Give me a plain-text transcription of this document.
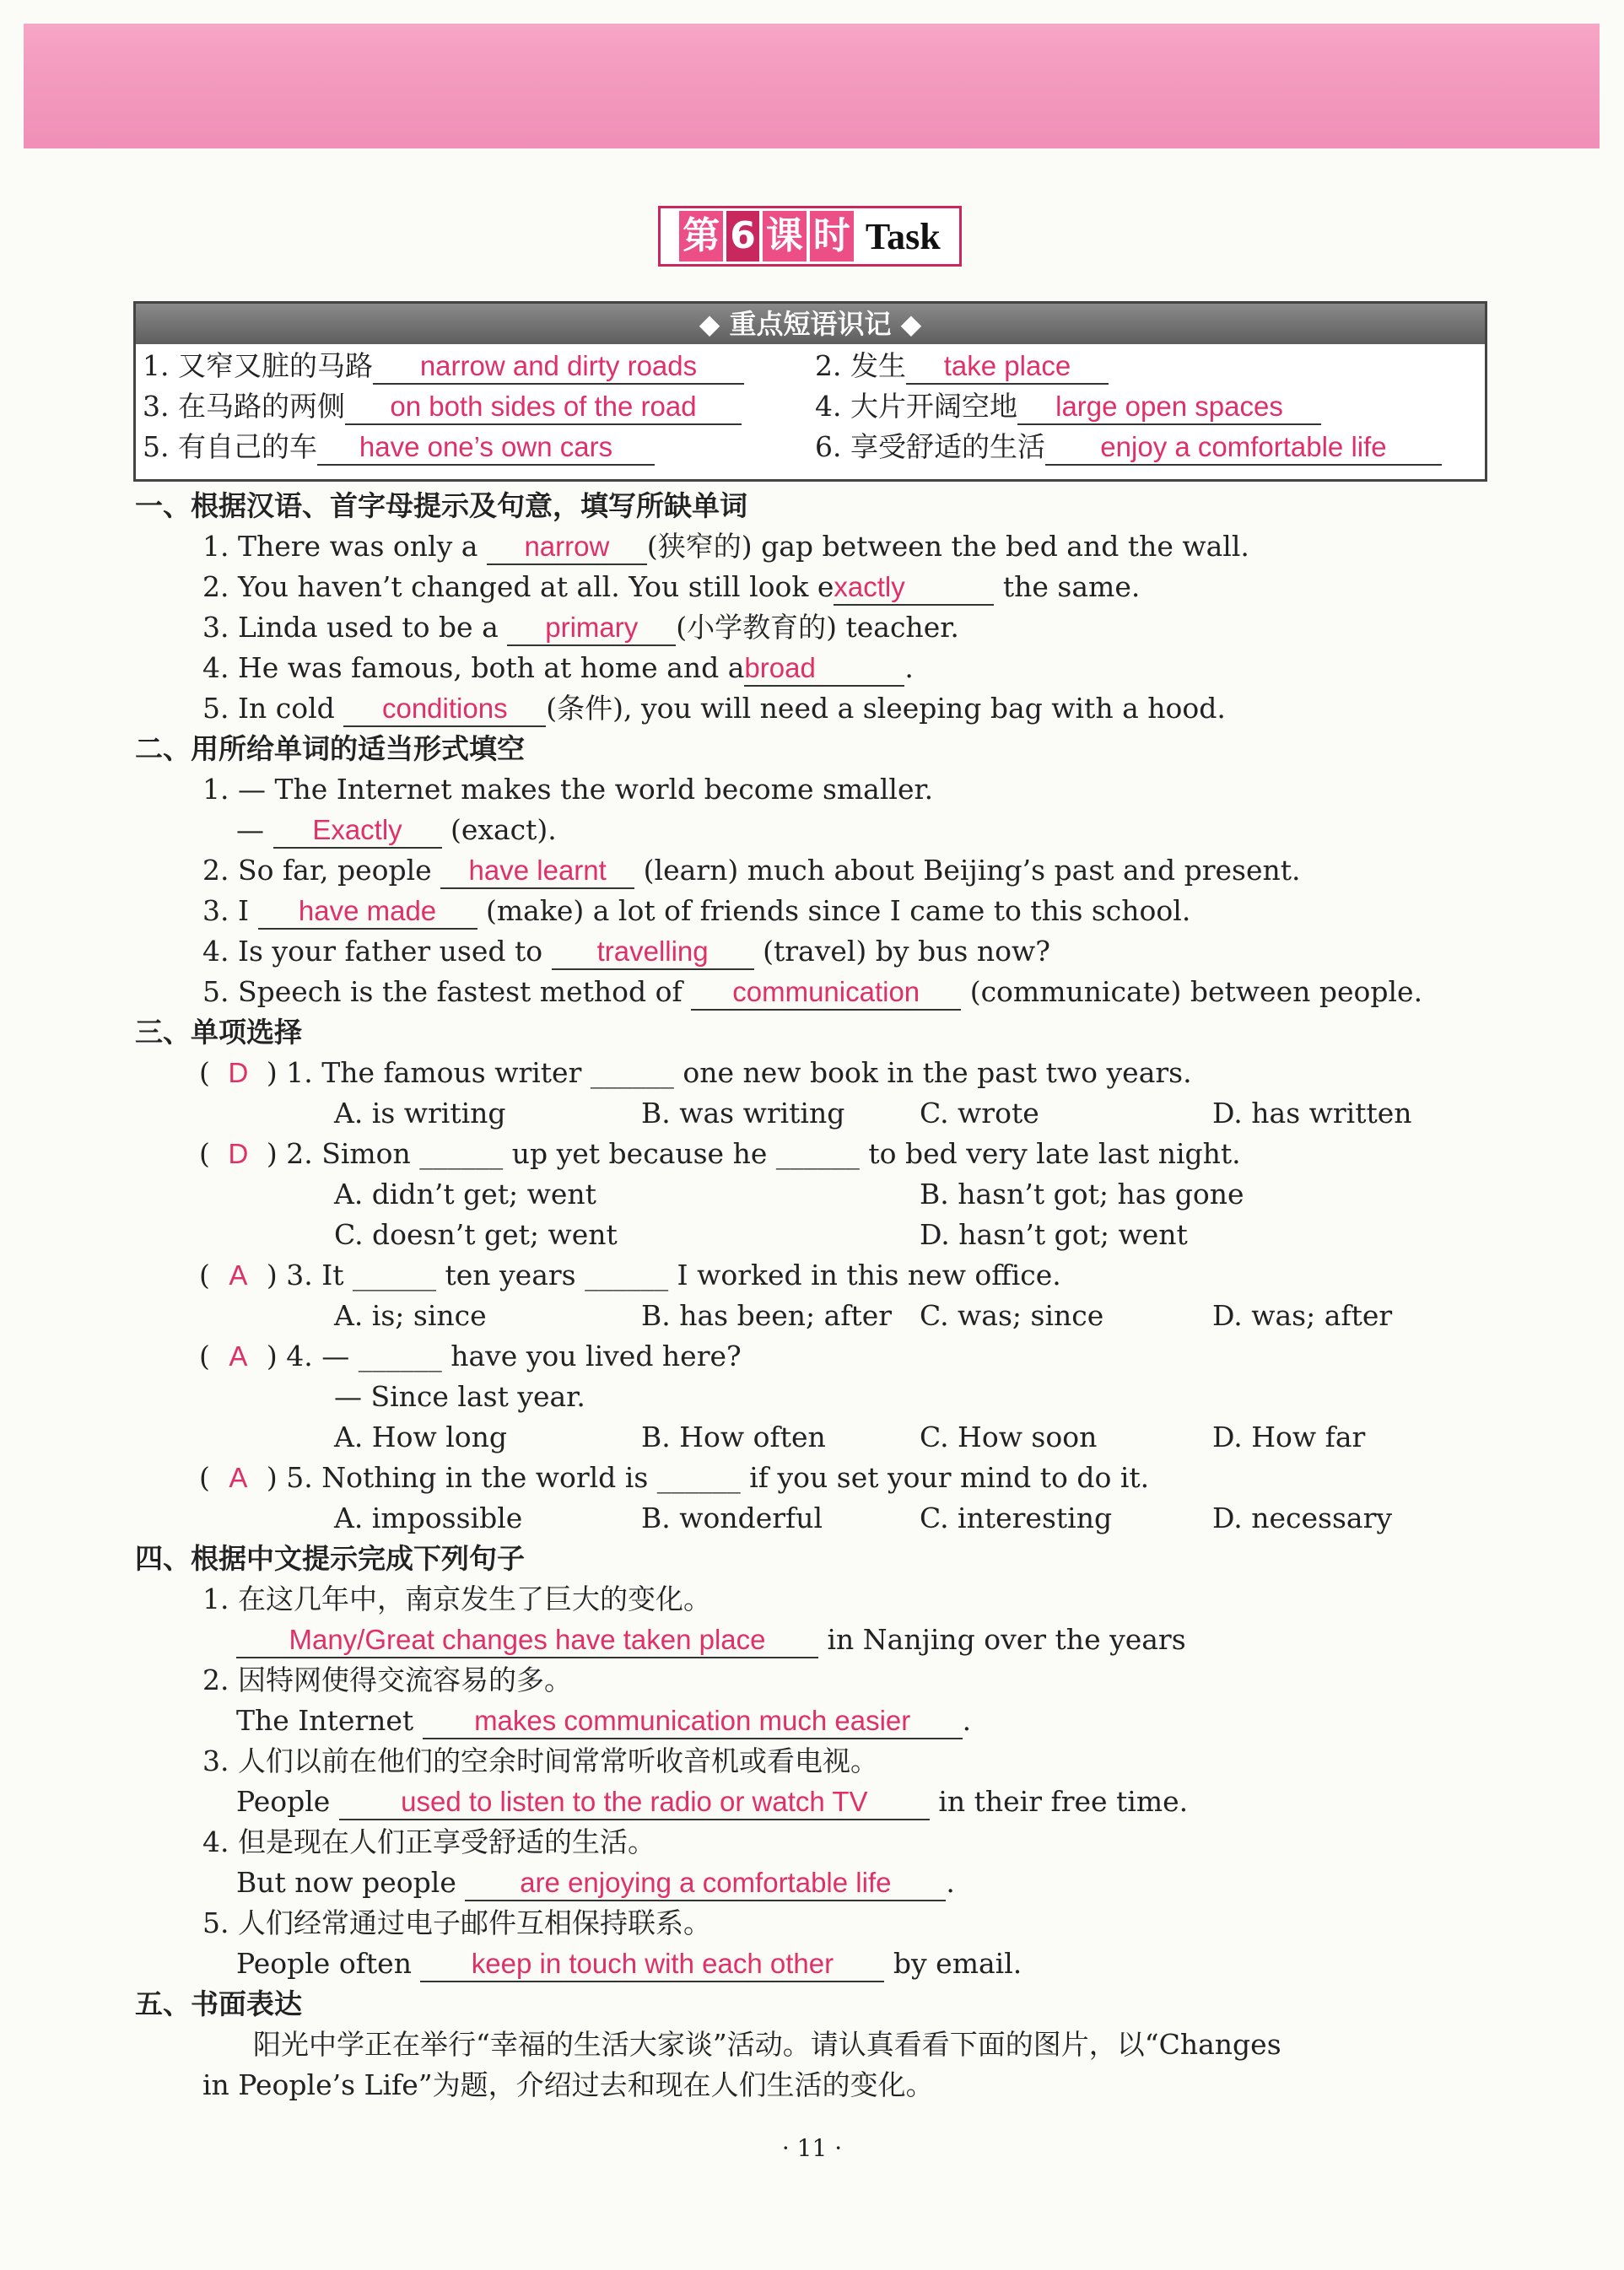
第 6 课 时 Task
◆ 重点短语识记 ◆
1. 又窄又脏的马路 narrow and dirty roads	2. 发生 take place
3. 在马路的两侧 on both sides of the road	4. 大片开阔空地 large open spaces
5. 有自己的车 have one’s own cars	6. 享受舒适的生活 enjoy a comfortable life
一、根据汉语、首字母提示及句意，填写所缺单词
1. There was only a narrow (狭窄的) gap between the bed and the wall.
2. You haven’t changed at all. You still look exactly	the same.
3. Linda used to be a primary (小学教育的) teacher.
4. He was famous, both at home and abroad	.
5. In cold conditions (条件), you will need a sleeping bag with a hood.
二、用所给单词的适当形式填空
1. — The Internet makes the world become smaller.
— Exactly (exact).
2. So far, people have learnt (learn) much about Beijing’s past and present.
3. I have made (make) a lot of friends since I came to this school.
4. Is your father used to travelling (travel) by bus now?
5. Speech is the fastest method of communication (communicate) between people.
三、单项选择
( D ) 1. The famous writer ______ one new book in the past two years.
A. is writing	B. was writing	C. wrote	D. has written
( D ) 2. Simon ______ up yet because he ______ to bed very late last night.
A. didn’t get; went	B. hasn’t got; has gone
C. doesn’t get; went	D. hasn’t got; went
( A ) 3. It ______ ten years ______ I worked in this new office.
A. is; since	B. has been; after C. was; since	D. was; after
( A ) 4. — ______ have you lived here?
— Since last year.
A. How long	B. How often	C. How soon	D. How far
( A ) 5. Nothing in the world is ______ if you set your mind to do it.
A. impossible	B. wonderful	C. interesting	D. necessary
四、根据中文提示完成下列句子
1. 在这几年中，南京发生了巨大的变化。
Many/Great changes have taken place in Nanjing over the years
2. 因特网使得交流容易的多。
The Internet makes communication much easier .
3. 人们以前在他们的空余时间常常听收音机或看电视。
People used to listen to the radio or watch TV in their free time.
4. 但是现在人们正享受舒适的生活。
But now people are enjoying a comfortable life .
5. 人们经常通过电子邮件互相保持联系。
People often keep in touch with each other by email.
五、书面表达
阳光中学正在举行“幸福的生活大家谈”活动。请认真看看下面的图片，以“Changes
in People’s Life”为题，介绍过去和现在人们生活的变化。
· 11 ·
